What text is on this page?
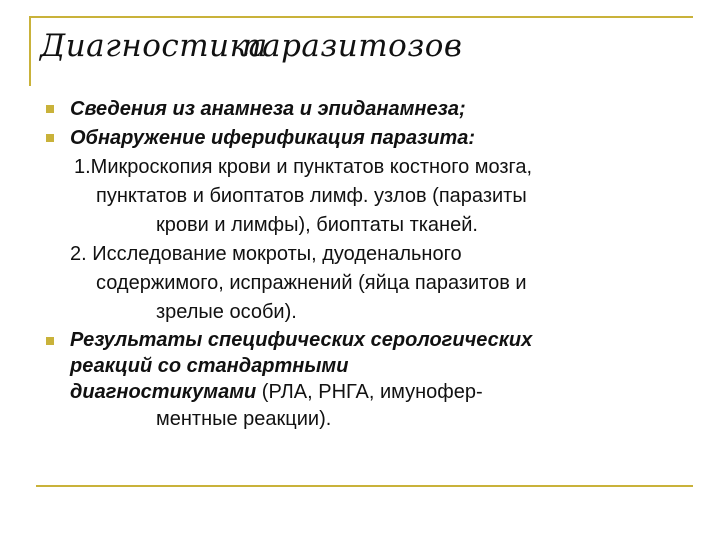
Диагностикапаразитозов
Сведения из анамнеза и эпиданамнеза;
Обнаружение иферификация паразита:
1.Микроскопия крови и пунктатов костного мозга,
пунктатов и биоптатов лимф. узлов (паразиты
крови и лимфы), биоптаты тканей.
2. Исследование мокроты, дуоденального
содержимого, испражнений (яйца паразитов и
зрелые особи).
Результаты специфических серологических
реакций со стандартными
диагностикумами (РЛА, РНГА, имунофер-
ментные реакции).
